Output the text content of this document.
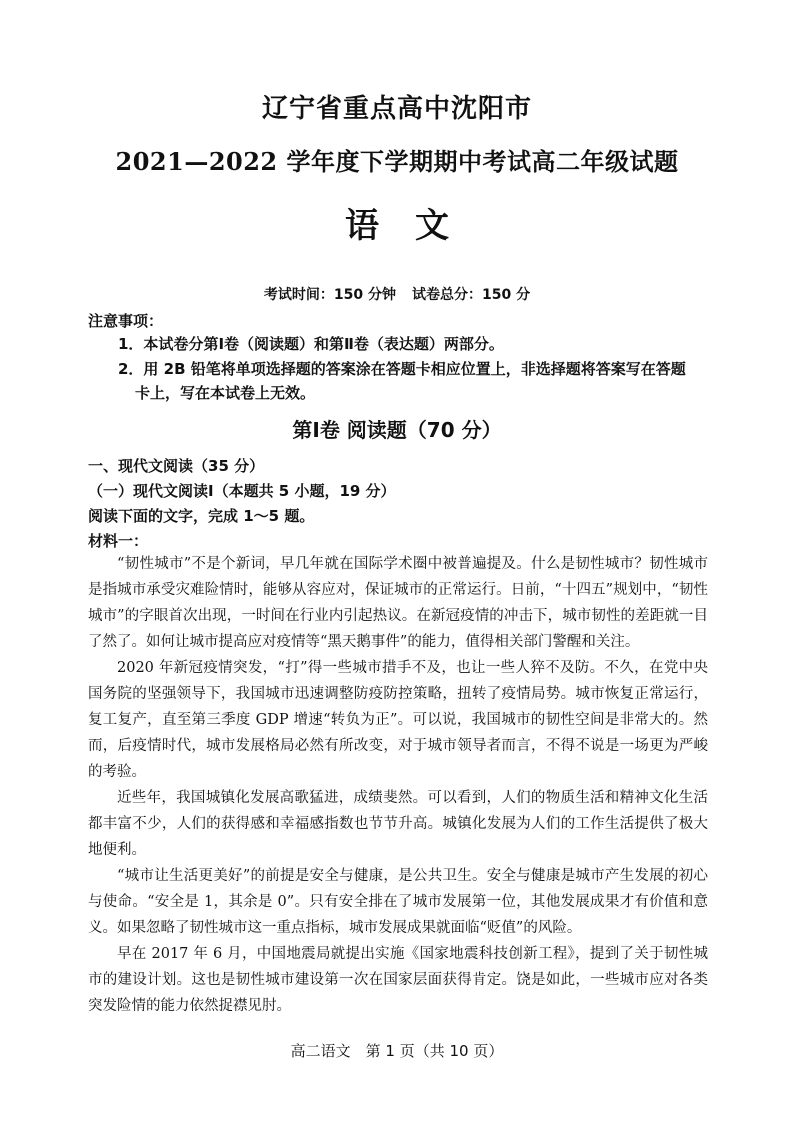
辽宁省重点高中沈阳市
2021—2022 学年度下学期期中考试高二年级试题
语文
考试时间：150 分钟 试卷总分：150 分
注意事项：
1．本试卷分第Ⅰ卷（阅读题）和第Ⅱ卷（表达题）两部分。
2．用 2B 铅笔将单项选择题的答案涂在答题卡相应位置上，非选择题将答案写在答题
卡上，写在本试卷上无效。
第Ⅰ卷 阅读题（70 分）
一、现代文阅读（35 分）
（一）现代文阅读Ⅰ（本题共 5 小题，19 分）
阅读下面的文字，完成 1～5 题。
材料一：

“韧性城市”不是个新词，早几年就在国际学术圈中被普遍提及。什么是韧性城市？韧性城市是指城市承受灾难险情时，能够从容应对，保证城市的正常运行。日前，“十四五”规划中，“韧性城市”的字眼首次出现，一时间在行业内引起热议。在新冠疫情的冲击下，城市韧性的差距就一目了然了。如何让城市提高应对疫情等“黑天鹅事件”的能力，值得相关部门警醒和关注。

2020 年新冠疫情突发，“打”得一些城市措手不及，也让一些人猝不及防。不久，在党中央国务院的坚强领导下，我国城市迅速调整防疫防控策略，扭转了疫情局势。城市恢复正常运行，复工复产，直至第三季度 GDP 增速“转负为正”。可以说，我国城市的韧性空间是非常大的。然而，后疫情时代，城市发展格局必然有所改变，对于城市领导者而言，不得不说是一场更为严峻的考验。

近些年，我国城镇化发展高歌猛进，成绩斐然。可以看到，人们的物质生活和精神文化生活都丰富不少，人们的获得感和幸福感指数也节节升高。城镇化发展为人们的工作生活提供了极大地便利。

“城市让生活更美好”的前提是安全与健康，是公共卫生。安全与健康是城市产生发展的初心与使命。“安全是 1，其余是 0”。只有安全排在了城市发展第一位，其他发展成果才有价值和意义。如果忽略了韧性城市这一重点指标，城市发展成果就面临“贬值”的风险。

早在 2017 年 6 月，中国地震局就提出实施《国家地震科技创新工程》，提到了关于韧性城市的建设计划。这也是韧性城市建设第一次在国家层面获得肯定。饶是如此，一些城市应对各类突发险情的能力依然捉襟见肘。

高二语文　第 1 页（共 10 页）
